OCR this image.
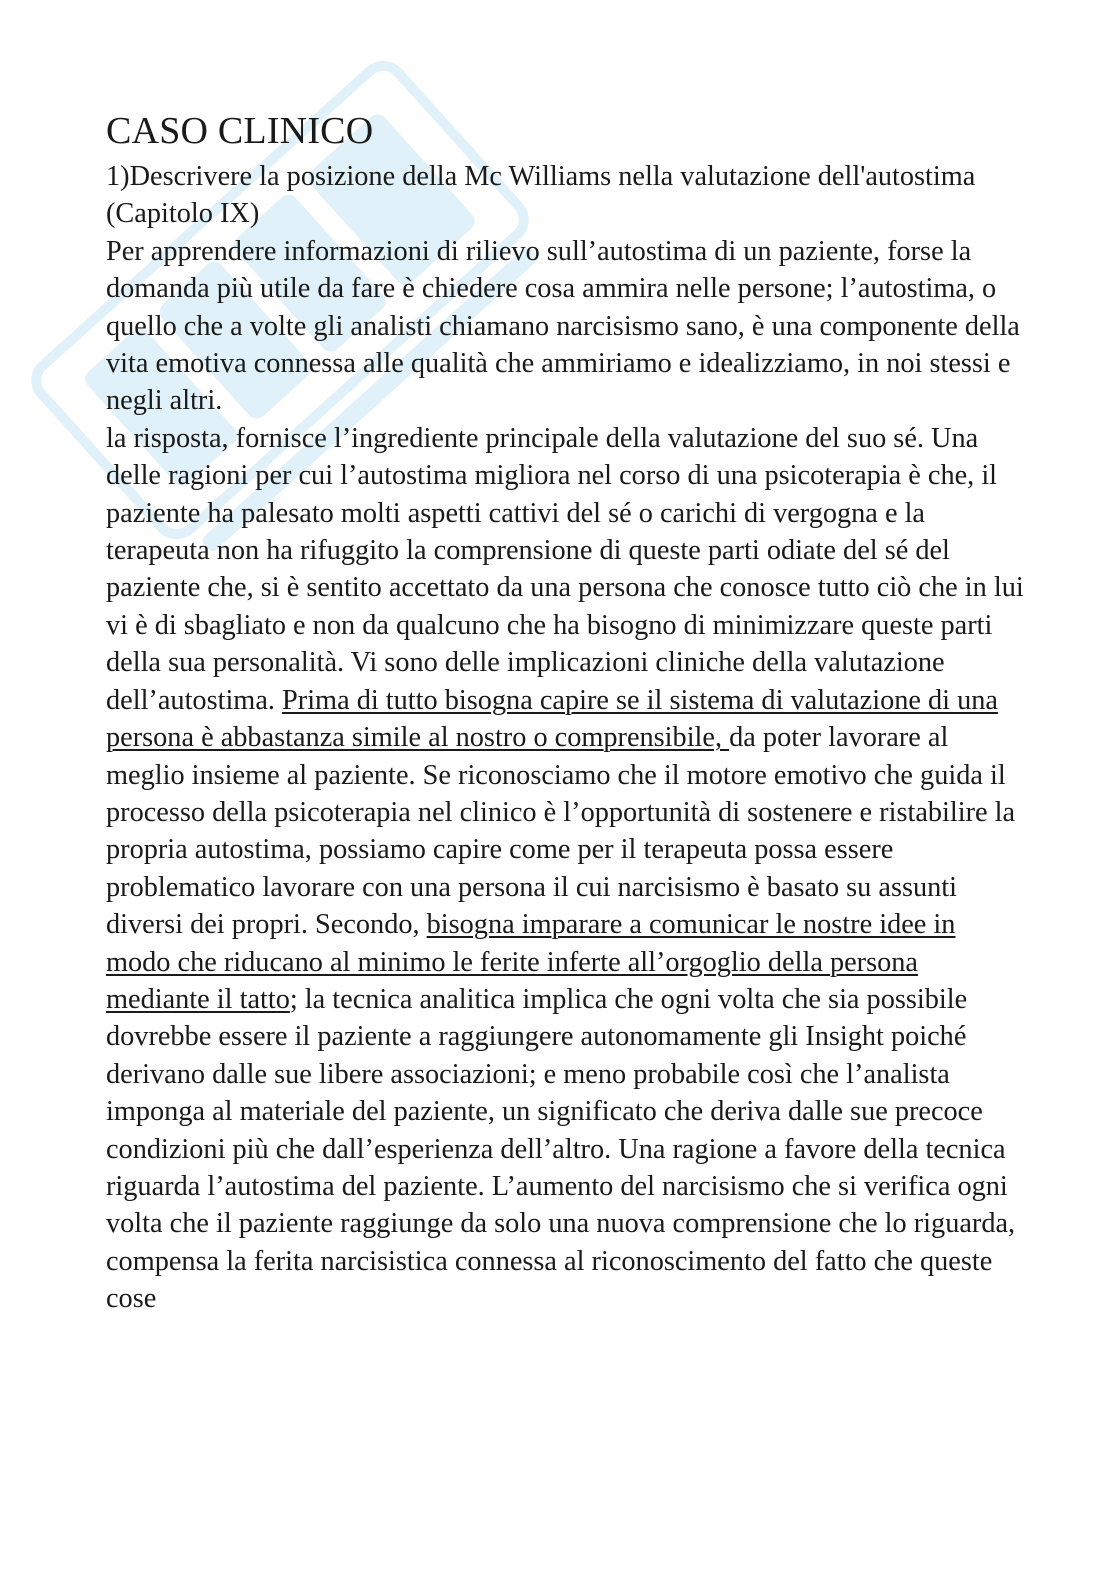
CASO CLINICO

1)Descrivere la posizione della Mc Williams nella valutazione dell'autostima (Capitolo IX)

Per apprendere informazioni di rilievo sull’autostima di un paziente, forse la domanda più utile da fare è chiedere cosa ammira nelle persone; l’autostima, o quello che a volte gli analisti chiamano narcisismo sano, è una componente della vita emotiva connessa alle qualità che ammiriamo e idealizziamo, in noi stessi e negli altri.

la risposta, fornisce l’ingrediente principale della valutazione del suo sé. Una delle ragioni per cui l’autostima migliora nel corso di una psicoterapia è che, il paziente ha palesato molti aspetti cattivi del sé o carichi di vergogna e la terapeuta non ha rifuggito la comprensione di queste parti odiate del sé del paziente che, si è sentito accettato da una persona che conosce tutto ciò che in lui vi è di sbagliato e non da qualcuno che ha bisogno di minimizzare queste parti della sua personalità. Vi sono delle implicazioni cliniche della valutazione dell’autostima. Prima di tutto bisogna capire se il sistema di valutazione di una persona è abbastanza simile al nostro o comprensibile, da poter lavorare al meglio insieme al paziente. Se riconosciamo che il motore emotivo che guida il processo della psicoterapia nel clinico è l’opportunità di sostenere e ristabilire la propria autostima, possiamo capire come per il terapeuta possa essere problematico lavorare con una persona il cui narcisismo è basato su assunti diversi dei propri. Secondo, bisogna imparare a comunicar le nostre idee in modo che riducano al minimo le ferite inferte all’orgoglio della persona mediante il tatto; la tecnica analitica implica che ogni volta che sia possibile dovrebbe essere il paziente a raggiungere autonomamente gli Insight poiché derivano dalle sue libere associazioni; e meno probabile così che l’analista imponga al materiale del paziente, un significato che deriva dalle sue precoce condizioni più che dall’esperienza dell’altro. Una ragione a favore della tecnica riguarda l’autostima del paziente. L’aumento del narcisismo che si verifica ogni volta che il paziente raggiunge da solo una nuova comprensione che lo riguarda, compensa la ferita narcisistica connessa al riconoscimento del fatto che queste cose
